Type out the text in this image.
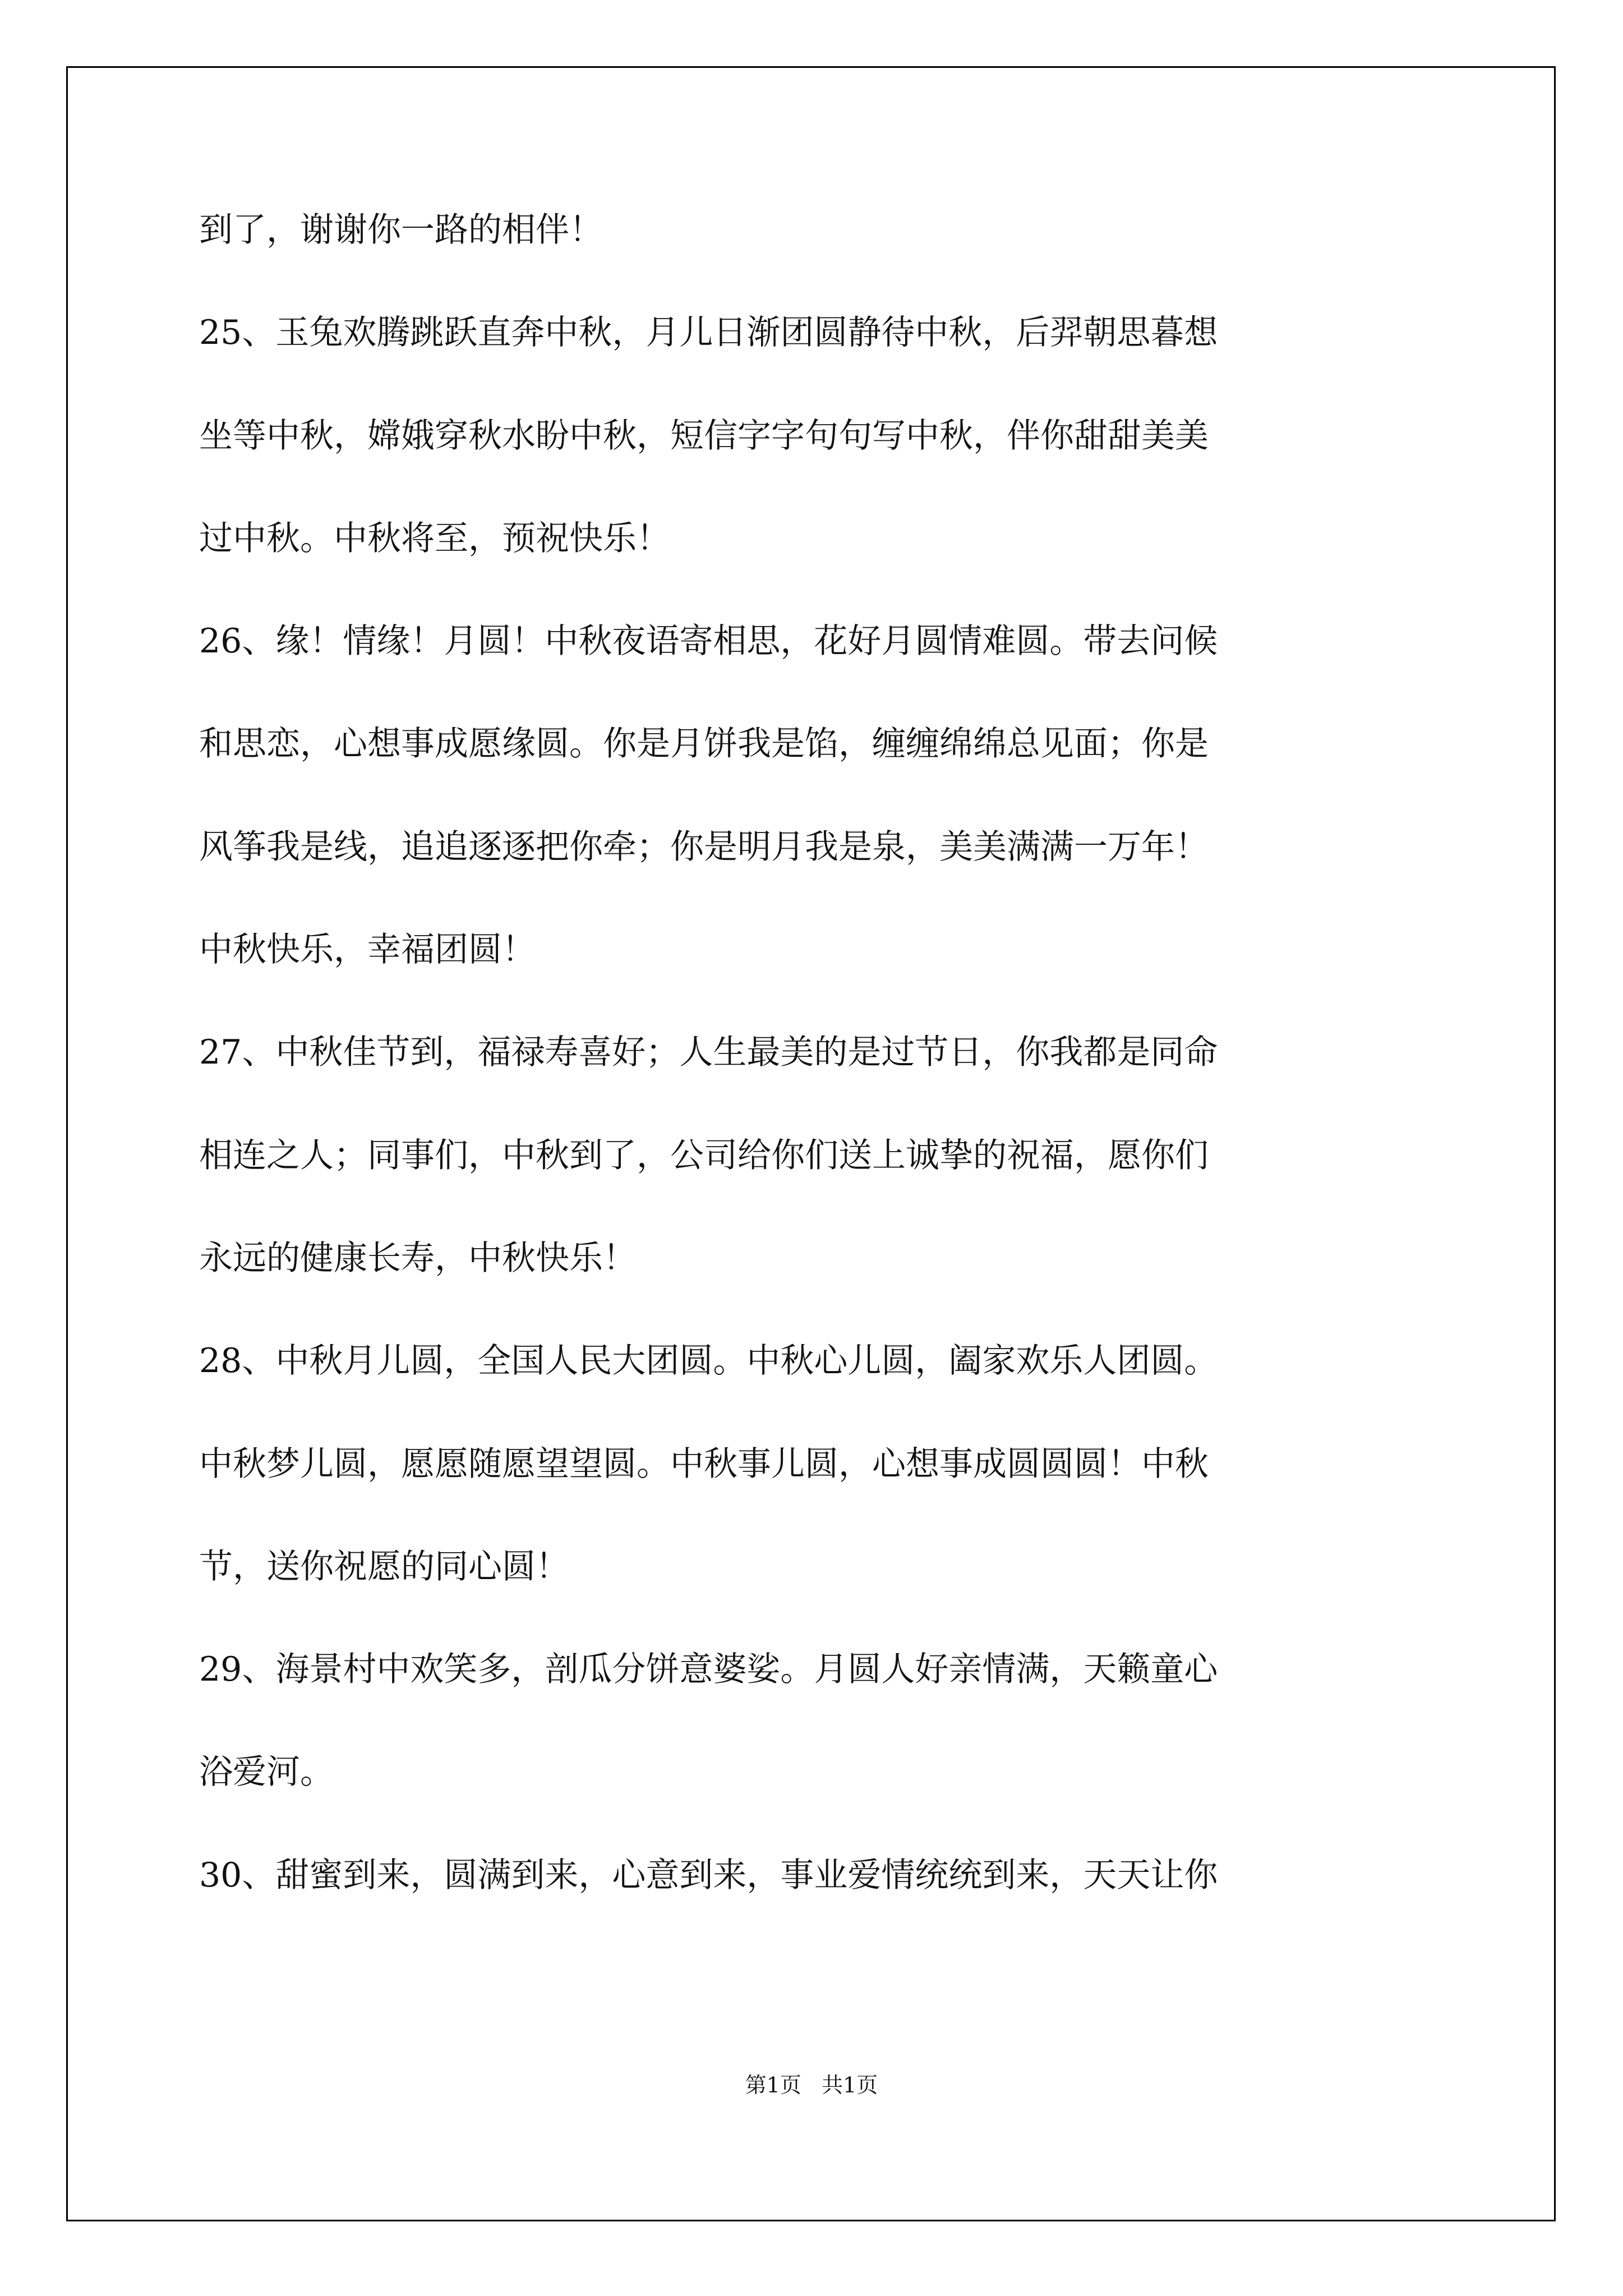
到了，谢谢你一路的相伴！
25、玉兔欢腾跳跃直奔中秋，月儿日渐团圆静待中秋，后羿朝思暮想
坐等中秋，嫦娥穿秋水盼中秋，短信字字句句写中秋，伴你甜甜美美
过中秋。中秋将至，预祝快乐！
26、缘！情缘！月圆！中秋夜语寄相思，花好月圆情难圆。带去问候
和思恋，心想事成愿缘圆。你是月饼我是馅，缠缠绵绵总见面；你是
风筝我是线，追追逐逐把你牵；你是明月我是泉，美美满满一万年！
中秋快乐，幸福团圆！
27、中秋佳节到，福禄寿喜好；人生最美的是过节日，你我都是同命
相连之人；同事们，中秋到了，公司给你们送上诚挚的祝福，愿你们
永远的健康长寿，中秋快乐！
28、中秋月儿圆，全国人民大团圆。中秋心儿圆，阖家欢乐人团圆。
中秋梦儿圆，愿愿随愿望望圆。中秋事儿圆，心想事成圆圆圆！中秋
节，送你祝愿的同心圆！
29、海景村中欢笑多，剖瓜分饼意婆娑。月圆人好亲情满，天籁童心
浴爱河。
30、甜蜜到来，圆满到来，心意到来，事业爱情统统到来，天天让你
第1页   共1页
